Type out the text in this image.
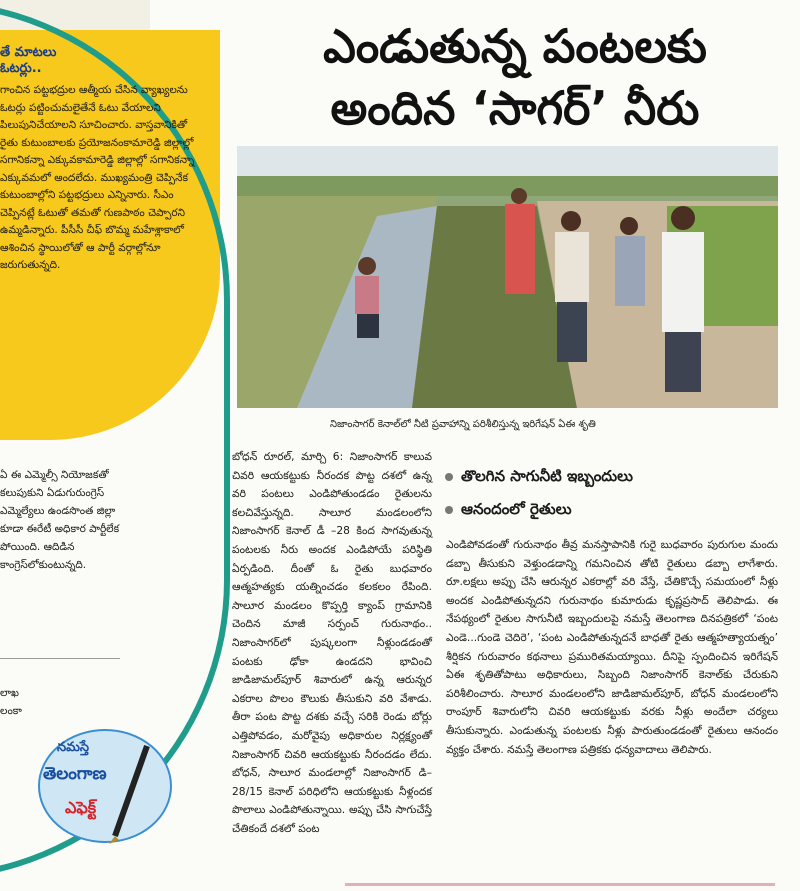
తే మాటలు
ఓటర్లు..
గాంచిన పట్టభద్రుల ఆత్మీయ చేసిన వ్యాఖ్యలను ఓటర్లు పట్టించుమలైతేనే ఓటు వేయాలని పిలుపునిచేయాలని సూచించారు. వాస్తవానికితో రైతు కుటుంబాలకు ప్రయోజనంకామారెడ్డి జిల్లాల్లో సగానికన్నా ఎక్కువకామారెడ్డి జిల్లాల్లో సగానికన్నా ఎక్కువమలో అందలేదు. ముఖ్యమంత్రి చెప్పినేక కుటుంబాల్లోని పట్టభద్రులు ఎన్నినారు. సీఎం చెప్పినట్లే ఓటుతో తమతో గుణపాఠం చెప్పారని ఉమ్మడిన్నారు. పీసీసీ చీఫ్ బొమ్మ మహేశ్లాకాలో ఆశించిన స్థాయిలోతో ఆ పార్టీ వర్గాల్లోనూ జరుగుతున్నది.
ఏ ఈ ఎమ్మెల్సీ నియోజకతో కలుపుకుని ఏడుగురుంగ్రెస్ ఎమ్మెల్యేలు ఉండసొంత జిల్లా కూడా ఈరేటీ అధికార పార్టీలేక పోయింది. ఆదిడిన కాంగ్రెస్‌లోకుంటున్నది.
లాఖ
లంకా
ఎండుతున్న పంటలకు
అందిన ‘సాగర్’ నీరు
నిజాంసాగర్ కెనాల్‌లో నీటి ప్రవాహాన్ని పరిశీలిస్తున్న ఇరిగేషన్ ఏఈ శృతి
బోధన్ రూరల్, మార్చి 6: నిజాంసాగర్ కాలువ చివరి ఆయకట్టుకు నీరందక పొట్ట దశలో ఉన్న వరి పంటలు ఎండిపోతుండడం రైతులను కలచివేస్తున్నది. సాలూర మండలంలోని నిజాంసాగర్ కెనాల్ డీ –28 కింద సాగవుతున్న పంటలకు నీరు అందక ఎండిపోయే పరిస్థితి ఏర్పడింది. దీంతో ఓ రైతు బుధవారం ఆత్మహత్యకు యత్నించడం కలకలం రేపింది. సాలూర మండలం కొప్పర్తి క్యాంప్ గ్రామానికి చెందిన మాజీ సర్పంచ్ గురునాథం.. నిజాంసాగర్‌లో పుష్కలంగా నీళ్లుండడంతో పంటకు ఢోకా ఉండదని భావించి జాడిజామల్‌పూర్ శివారులో ఉన్న ఆరున్నర ఎకరాల పొలం కౌలుకు తీసుకుని వరి వేశాడు. తీరా పంట పొట్ట దశకు వచ్చే సరికి రెండు బోర్లు ఎత్తిపోవడం, మరోవైపు అధికారుల నిర్లక్ష్యంతో నిజాంసాగర్ చివరి ఆయకట్టుకు నీరందడం లేదు. బోధన్, సాలూర మండలాల్లో నిజాంసాగర్ డి–28/15 కెనాల్ పరిధిలోని ఆయకట్టుకు నీళ్లందక పొలాలు ఎండిపోతున్నాయి. అప్పు చేసి సాగుచేస్తే చేతికందే దశలో పంట
తొలగిన సాగునీటి ఇబ్బందులు
ఆనందంలో రైతులు
ఎండిపోవడంతో గురునాథం తీవ్ర మనస్తాపానికి గురై బుధవారం పురుగుల మందు డబ్బా తీసుకుని వెళ్తుండడాన్ని గమనించిన తోటి రైతులు డబ్బా లాగేశారు. రూ.లక్షలు అప్పు చేసి ఆరున్నర ఎకరాల్లో వరి వేస్తే, చేతికొచ్చే సమయంలో నీళ్లు అందక ఎండిపోతున్నదని గురునాథం కుమారుడు కృష్ణప్రసాద్ తెలిపాడు. ఈ నేపథ్యంలో రైతుల సాగునీటి ఇబ్బందులపై నమస్తే తెలంగాణ దినపత్రికలో ‘పంట ఎండె...గుండె చెదిరె’, ‘పంట ఎండిపోతున్నదనే బాధతో రైతు ఆత్మహత్యాయత్నం’ శీర్షికన గురువారం కథనాలు ప్రమురితమయ్యాయి. దీనిపై స్పందించిన ఇరిగేషన్ ఏఈ శృతితోపాటు అధికారులు, సిబ్బంది నిజాంసాగర్ కెనాల్‌కు చేరుకుని పరిశీలించారు. సాలూర మండలంలోని జాడిజామల్‌పూర్, బోధన్ మండలంలోని రాంపూర్ శివారులోని చివరి ఆయకట్టుకు వరకు నీళ్లు అందేలా చర్యలు తీసుకున్నారు. ఎండుతున్న పంటలకు నీళ్లు పారుతుండడంతో రైతులు ఆనందం వ్యక్తం చేశారు. నమస్తే తెలంగాణ పత్రికకు ధన్యవాదాలు తెలిపారు.
నమస్తే
తెలంగాణ
ఎఫెక్ట్
